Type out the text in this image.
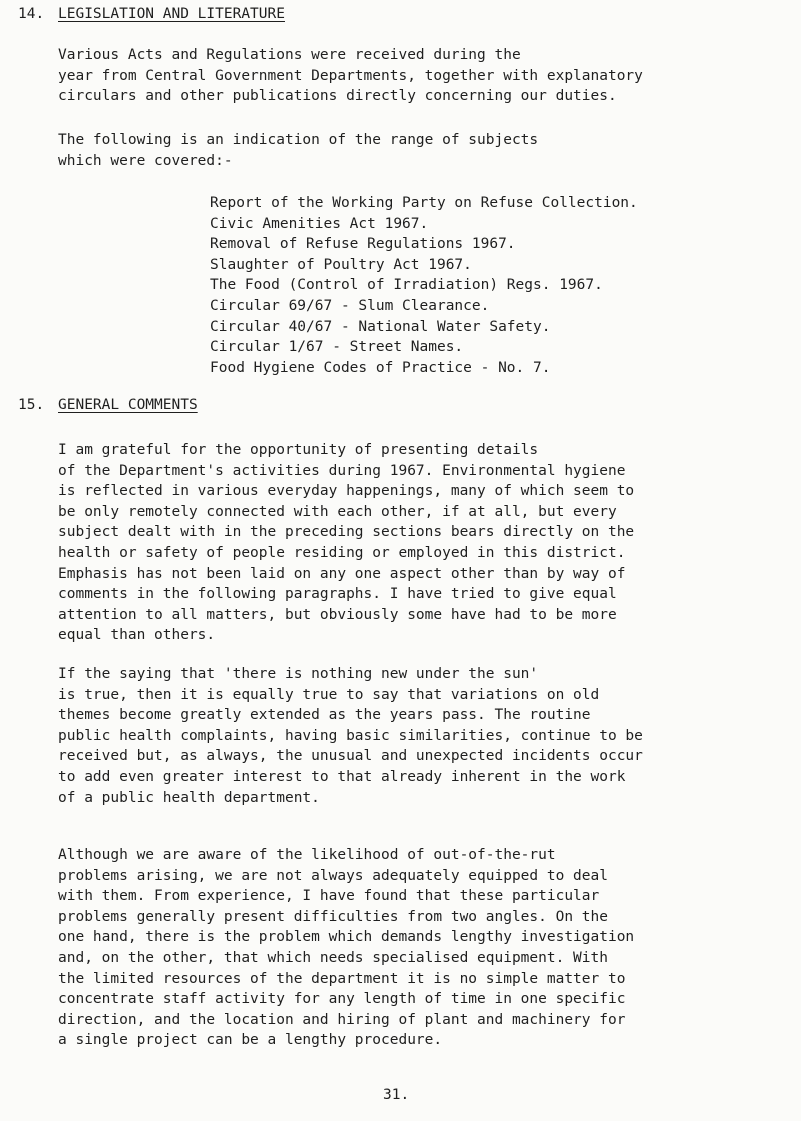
14. LEGISLATION AND LITERATURE

Various Acts and Regulations were received during the
year from Central Government Departments, together with explanatory
circulars and other publications directly concerning our duties.

The following is an indication of the range of subjects
which were covered:-

Report of the Working Party on Refuse Collection.
Civic Amenities Act 1967.
Removal of Refuse Regulations 1967.
Slaughter of Poultry Act 1967.
The Food (Control of Irradiation) Regs. 1967.
Circular 69/67 - Slum Clearance.
Circular 40/67 - National Water Safety.
Circular 1/67 - Street Names.
Food Hygiene Codes of Practice - No. 7.
15. GENERAL COMMENTS

I am grateful for the opportunity of presenting details
of the Department's activities during 1967. Environmental hygiene
is reflected in various everyday happenings, many of which seem to
be only remotely connected with each other, if at all, but every
subject dealt with in the preceding sections bears directly on the
health or safety of people residing or employed in this district.
Emphasis has not been laid on any one aspect other than by way of
comments in the following paragraphs. I have tried to give equal
attention to all matters, but obviously some have had to be more
equal than others.

If the saying that 'there is nothing new under the sun'
is true, then it is equally true to say that variations on old
themes become greatly extended as the years pass. The routine
public health complaints, having basic similarities, continue to be
received but, as always, the unusual and unexpected incidents occur
to add even greater interest to that already inherent in the work
of a public health department.

Although we are aware of the likelihood of out-of-the-rut
problems arising, we are not always adequately equipped to deal
with them. From experience, I have found that these particular
problems generally present difficulties from two angles. On the
one hand, there is the problem which demands lengthy investigation
and, on the other, that which needs specialised equipment. With
the limited resources of the department it is no simple matter to
concentrate staff activity for any length of time in one specific
direction, and the location and hiring of plant and machinery for
a single project can be a lengthy procedure.

31.
